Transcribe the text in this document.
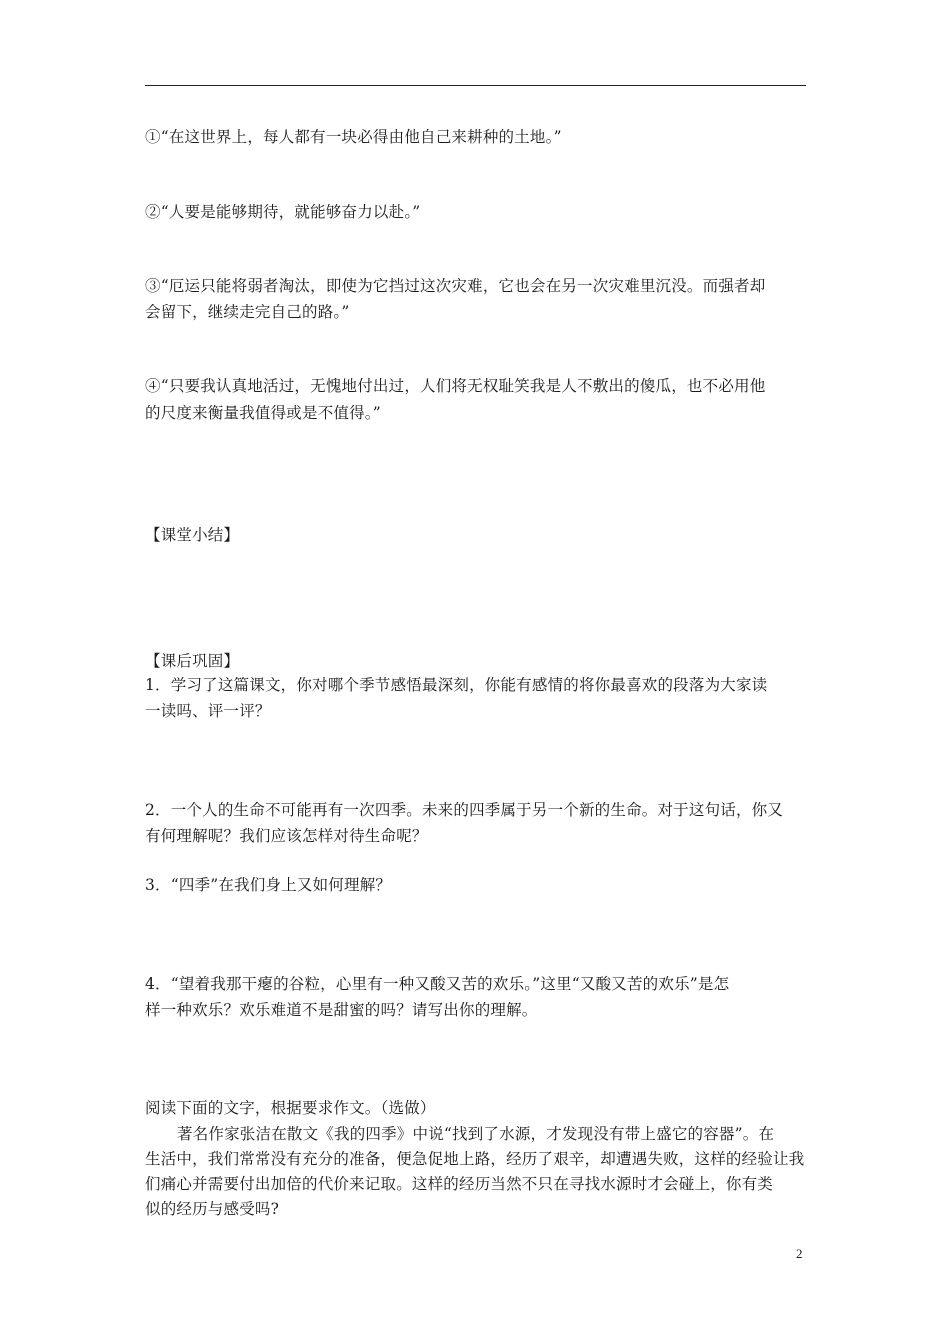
①“在这世界上，每人都有一块必得由他自己来耕种的土地。”
②“人要是能够期待，就能够奋力以赴。”
③“厄运只能将弱者淘汰，即使为它挡过这次灾难，它也会在另一次灾难里沉没。而强者却
会留下，继续走完自己的路。”
④“只要我认真地活过，无愧地付出过，人们将无权耻笑我是人不敷出的傻瓜，也不必用他
的尺度来衡量我值得或是不值得。”
【课堂小结】
【课后巩固】
1．学习了这篇课文，你对哪个季节感悟最深刻，你能有感情的将你最喜欢的段落为大家读
一读吗、评一评？
2．一个人的生命不可能再有一次四季。未来的四季属于另一个新的生命。对于这句话，你又
有何理解呢？我们应该怎样对待生命呢？
3．“四季”在我们身上又如何理解？
4．“望着我那干瘪的谷粒，心里有一种又酸又苦的欢乐。”这里“又酸又苦的欢乐”是怎
样一种欢乐？欢乐难道不是甜蜜的吗？请写出你的理解。
阅读下面的文字，根据要求作文。（选做）
著名作家张洁在散文《我的四季》中说“找到了水源，才发现没有带上盛它的容器”。在
生活中，我们常常没有充分的准备，便急促地上路，经历了艰辛，却遭遇失败，这样的经验让我
们痛心并需要付出加倍的代价来记取。这样的经历当然不只在寻找水源时才会碰上，你有类
似的经历与感受吗?
2
